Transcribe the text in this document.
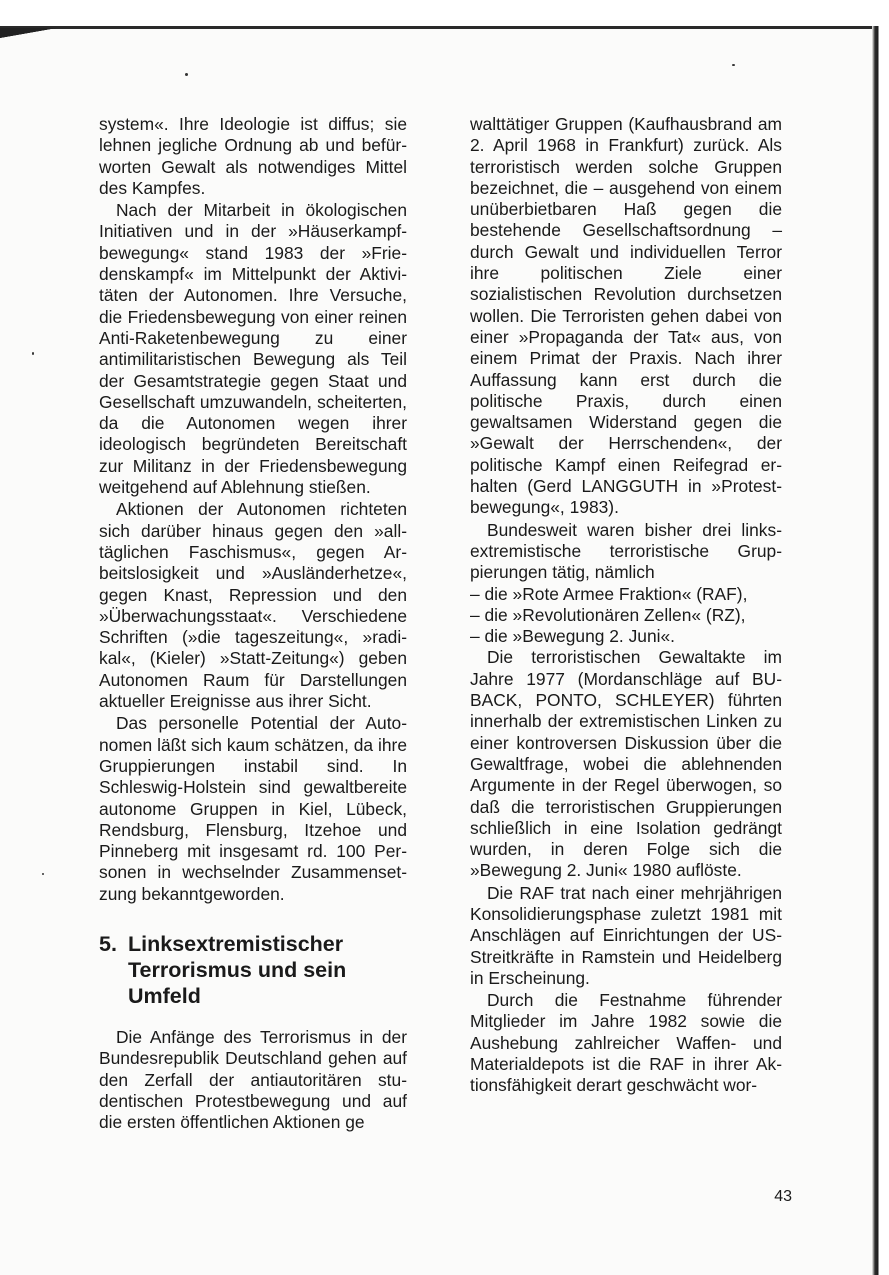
system«. Ihre Ideologie ist diffus; sie lehnen jegliche Ordnung ab und befürworten Gewalt als notwendiges Mittel des Kampfes.

Nach der Mitarbeit in ökologischen Initiativen und in der »Häuserkampfbewegung« stand 1983 der »Friedenskampf« im Mittelpunkt der Aktivitäten der Autonomen. Ihre Versuche, die Friedensbewegung von einer reinen Anti-Raketenbewegung zu einer antimilitaristischen Bewegung als Teil der Gesamtstrategie gegen Staat und Gesellschaft umzuwandeln, scheiterten, da die Autonomen wegen ihrer ideologisch begründeten Bereitschaft zur Militanz in der Friedensbewegung weitgehend auf Ablehnung stießen.

Aktionen der Autonomen richteten sich darüber hinaus gegen den »alltäglichen Faschismus«, gegen Arbeitslosigkeit und »Ausländerhetze«, gegen Knast, Repression und den »Überwachungsstaat«. Verschiedene Schriften (»die tageszeitung«, »radikal«, (Kieler) »Statt-Zeitung«) geben Autonomen Raum für Darstellungen aktueller Ereignisse aus ihrer Sicht.

Das personelle Potential der Autonomen läßt sich kaum schätzen, da ihre Gruppierungen instabil sind. In Schleswig-Holstein sind gewaltbereite autonome Gruppen in Kiel, Lübeck, Rendsburg, Flensburg, Itzehoe und Pinneberg mit insgesamt rd. 100 Personen in wechselnder Zusammensetzung bekanntgeworden.

5. Linksextremistischer Terrorismus und sein Umfeld

Die Anfänge des Terrorismus in der Bundesrepublik Deutschland gehen auf den Zerfall der antiautoritären studentischen Protestbewegung und auf die ersten öffentlichen Aktionen ge

walttätiger Gruppen (Kaufhausbrand am 2. April 1968 in Frankfurt) zurück. Als terroristisch werden solche Gruppen bezeichnet, die – ausgehend von einem unüberbietbaren Haß gegen die bestehende Gesellschaftsordnung – durch Gewalt und individuellen Terror ihre politischen Ziele einer sozialistischen Revolution durchsetzen wollen. Die Terroristen gehen dabei von einer »Propaganda der Tat« aus, von einem Primat der Praxis. Nach ihrer Auffassung kann erst durch die politische Praxis, durch einen gewaltsamen Widerstand gegen die »Gewalt der Herrschenden«, der politische Kampf einen Reifegrad erhalten (Gerd LANGGUTH in »Protestbewegung«, 1983).

Bundesweit waren bisher drei linksextremistische terroristische Gruppierungen tätig, nämlich

– die »Rote Armee Fraktion« (RAF),
– die »Revolutionären Zellen« (RZ),
– die »Bewegung 2. Juni«.

Die terroristischen Gewaltakte im Jahre 1977 (Mordanschläge auf BUBACK, PONTO, SCHLEYER) führten innerhalb der extremistischen Linken zu einer kontroversen Diskussion über die Gewaltfrage, wobei die ablehnenden Argumente in der Regel überwogen, so daß die terroristischen Gruppierungen schließlich in eine Isolation gedrängt wurden, in deren Folge sich die »Bewegung 2. Juni« 1980 auflöste.

Die RAF trat nach einer mehrjährigen Konsolidierungsphase zuletzt 1981 mit Anschlägen auf Einrichtungen der US-Streitkräfte in Ramstein und Heidelberg in Erscheinung.

Durch die Festnahme führender Mitglieder im Jahre 1982 sowie die Aushebung zahlreicher Waffen- und Materialdepots ist die RAF in ihrer Aktionsfähigkeit derart geschwächt wor-

43
